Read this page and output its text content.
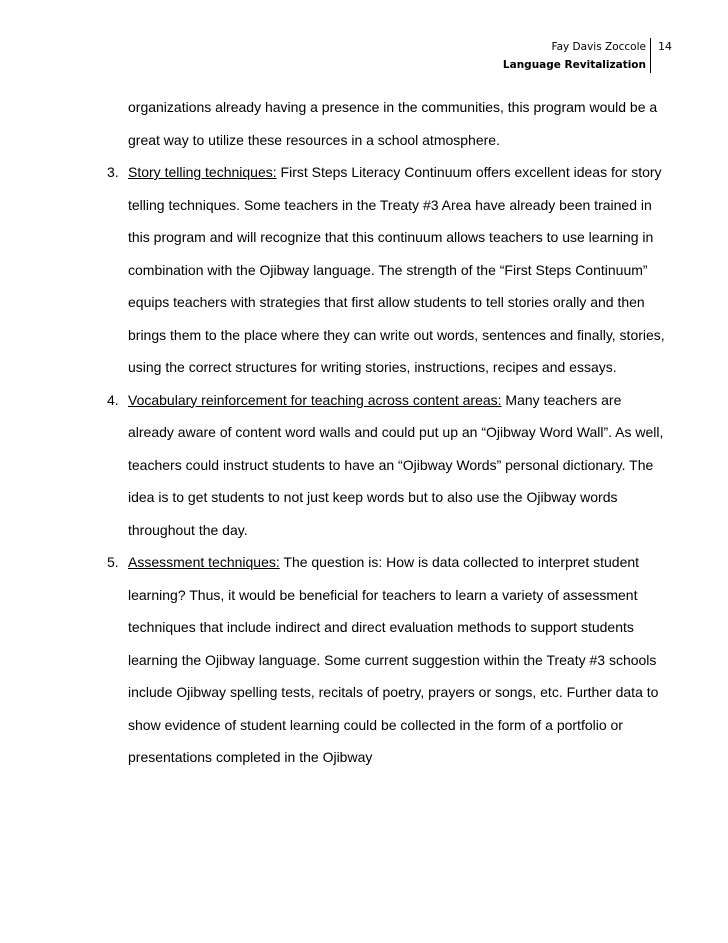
Fay Davis Zoccole
Language Revitalization
14

organizations already having a presence in the communities, this program would be a great way to utilize these resources in a school atmosphere.

3. Story telling techniques: First Steps Literacy Continuum offers excellent ideas for story telling techniques. Some teachers in the Treaty #3 Area have already been trained in this program and will recognize that this continuum allows teachers to use learning in combination with the Ojibway language. The strength of the “First Steps Continuum” equips teachers with strategies that first allow students to tell stories orally and then brings them to the place where they can write out words, sentences and finally, stories, using the correct structures for writing stories, instructions, recipes and essays.

4. Vocabulary reinforcement for teaching across content areas: Many teachers are already aware of content word walls and could put up an “Ojibway Word Wall”. As well, teachers could instruct students to have an “Ojibway Words” personal dictionary. The idea is to get students to not just keep words but to also use the Ojibway words throughout the day.

5. Assessment techniques: The question is: How is data collected to interpret student learning? Thus, it would be beneficial for teachers to learn a variety of assessment techniques that include indirect and direct evaluation methods to support students learning the Ojibway language. Some current suggestion within the Treaty #3 schools include Ojibway spelling tests, recitals of poetry, prayers or songs, etc. Further data to show evidence of student learning could be collected in the form of a portfolio or presentations completed in the Ojibway
